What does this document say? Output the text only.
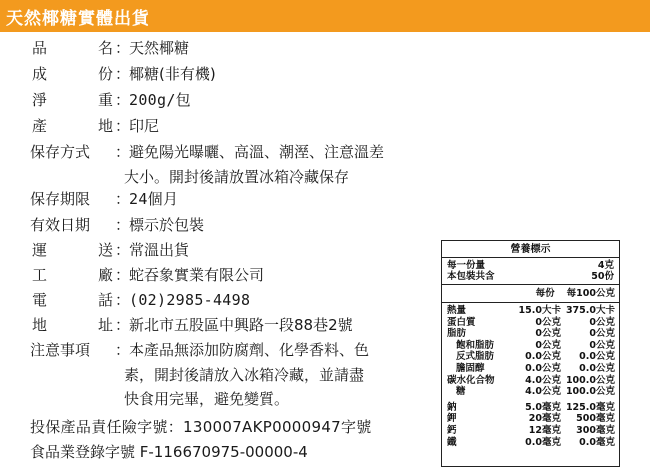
天然椰糖實體出貨
品	名 ：
天然椰糖
成	份 ：
椰糖(非有機)
淨	重 ：
200g/包
產	地 ：
印尼
保存方式	：
避免陽光曝曬、高溫、潮溼、注意溫差
大小。開封後請放置冰箱冷藏保存
保存期限	：
24個月
有效日期	：
標示於包裝
運	送 ：
常溫出貨
工	廠 ：
蛇吞象實業有限公司
電	話 ：
(02)2985-4498
地	址 ：
新北市五股區中興路一段88巷2號
注意事項	：
本產品無添加防腐劑、化學香料、色
素，開封後請放入冰箱冷藏，並請盡
快食用完畢，避免變質。
投保產品責任險字號：130007AKP0000947字號
食品業登錄字號 F-116670975-00000-4
營養標示
每一份量	4克
本包裝共含	50份
每份 每100公克
熱量	15.0大卡 375.0大卡
蛋白質	0公克	0公克
脂肪	0公克	0公克
飽和脂肪	0公克	0公克
反式脂肪	0.0公克	0.0公克
膽固醇	0.0公克	0.0公克
碳水化合物	4.0公克 100.0公克
糖	4.0公克 100.0公克
鈉	5.0毫克 125.0毫克
鉀	20毫克	500毫克
鈣	12毫克	300毫克
鐵	0.0毫克	0.0毫克
